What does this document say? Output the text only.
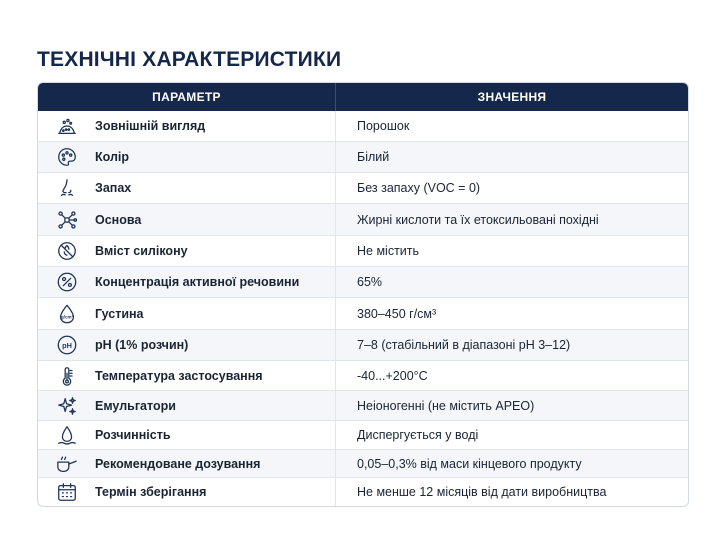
ТЕХНІЧНІ ХАРАКТЕРИСТИКИ
ПАРАМЕТР	ЗНАЧЕННЯ
Зовнішній вигляд	Порошок
Колір	Білий
Запах	Без запаху (VOC = 0)
Основа	Жирні кислоти та їх етоксильовані похідні
Вміст силікону	Не містить
Концентрація активної речовини	65%
g/cm³ Густина	380–450 г/см³
pH pH (1% розчин)	7–8 (стабільний в діапазоні pH 3–12)
Температура застосування	-40...+200°C
Емульгатори	Неіоногенні (не містить APEO)
Розчинність	Диспергується у воді
Рекомендоване дозування	0,05–0,3% від маси кінцевого продукту
Термін зберігання	Не менше 12 місяців від дати виробництва
